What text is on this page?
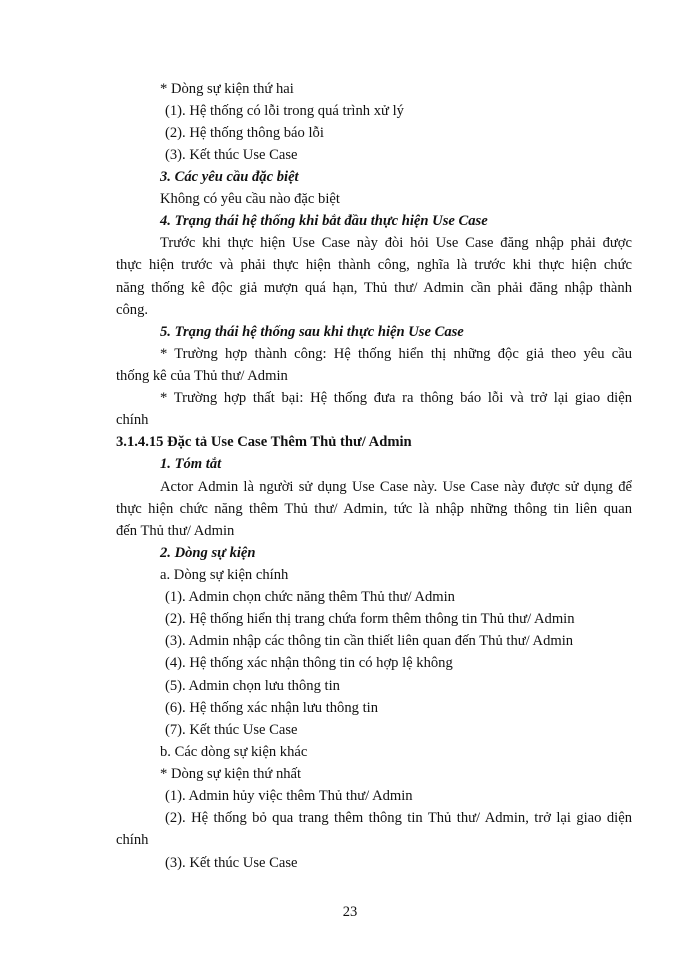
* Dòng sự kiện thứ hai
(1). Hệ thống có lỗi trong quá trình xử lý
(2). Hệ thống thông báo lỗi
(3). Kết thúc Use Case
3. Các yêu cầu đặc biệt
Không có yêu cầu nào đặc biệt
4. Trạng thái hệ thống khi bắt đầu thực hiện Use Case
Trước khi thực hiện Use Case này đòi hỏi Use Case đăng nhập phải được
thực hiện trước và phải thực hiện thành công, nghĩa là trước khi thực hiện chức
năng thống kê độc giả mượn quá hạn, Thủ thư/ Admin cần phải đăng nhập thành
công.
5. Trạng thái hệ thống sau khi thực hiện Use Case
* Trường hợp thành công: Hệ thống hiển thị những độc giả theo yêu cầu
thống kê của Thủ thư/ Admin
* Trường hợp thất bại: Hệ thống đưa ra thông báo lỗi và trở lại giao diện
chính
3.1.4.15 Đặc tả Use Case Thêm Thủ thư/ Admin
1. Tóm tắt
Actor Admin là người sử dụng Use Case này. Use Case này được sử dụng để
thực hiện chức năng thêm Thủ thư/ Admin, tức là nhập những thông tin liên quan
đến Thủ thư/ Admin
2. Dòng sự kiện
a. Dòng sự kiện chính
(1). Admin chọn chức năng thêm Thủ thư/ Admin
(2). Hệ thống hiển thị trang chứa form thêm thông tin Thủ thư/ Admin
(3). Admin nhập các thông tin cần thiết liên quan đến Thủ thư/ Admin
(4). Hệ thống xác nhận thông tin có hợp lệ không
(5). Admin chọn lưu thông tin
(6). Hệ thống xác nhận lưu thông tin
(7). Kết thúc Use Case
b. Các dòng sự kiện khác
* Dòng sự kiện thứ nhất
(1). Admin hủy việc thêm Thủ thư/ Admin
(2). Hệ thống bỏ qua trang thêm thông tin Thủ thư/ Admin, trở lại giao diện
chính
(3). Kết thúc Use Case
23
